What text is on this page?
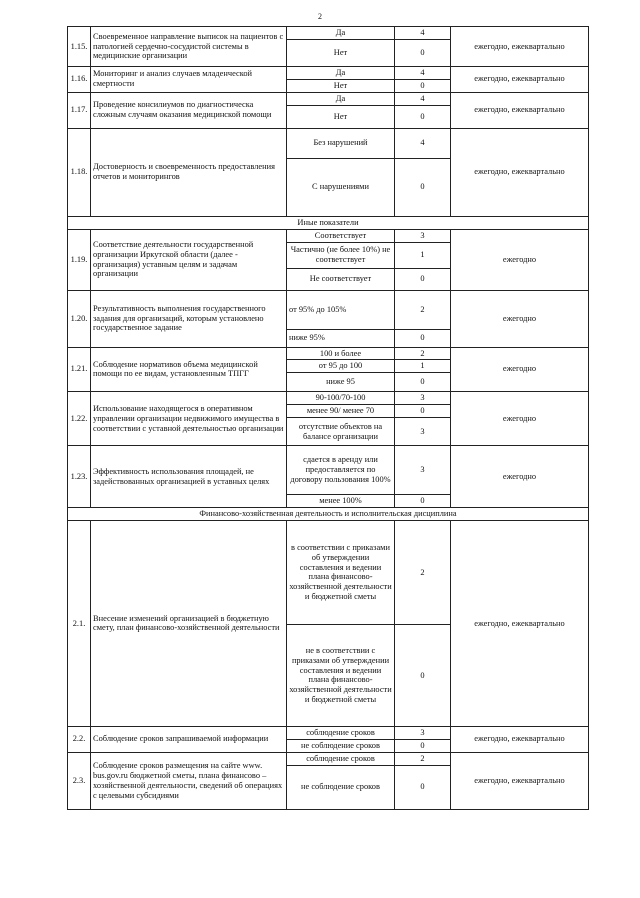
2
1.15.	Своевременное направление выписок на пациентов с патологией сердечно-сосудистой системы в медицинские организации	Да	4	ежегодно, ежеквартально
		Нет	0	
1.16.	Мониторинг и анализ случаев младенческой смертности	Да	4	ежегодно, ежеквартально
		Нет	0	
1.17.	Проведение консилиумов по диагностическа сложным случаям оказания медицинской помощи	Да	4	ежегодно, ежеквартально
		Нет	0	
1.18.	Достоверность и своевременность предоставления отчетов и мониторингов	Без нарушений	4	ежегодно, ежеквартально
		С нарушениями	0	
Иные показатели				
1.19.	Соответствие деятельности государственной организации Иркутской области (далее - организация) уставным целям и задачам организации	Соответствует	3	ежегодно
		Частично (не более 10%) не соответствует	1	
		Не соответствует	0	
1.20.	Результативность выполнения государственного задания для организаций, которым установлено государственное задание	от 95% до 105%	2	ежегодно
		ниже 95%	0	
1.21.	Соблюдение нормативов объема медицинской помощи по ее видам, установленным ТПГГ	100 и более	2	ежегодно
		от 95 до 100	1	
		ниже 95	0	
1.22.	Использование находящегося в оперативном управлении организации недвижимого имущества в соответствии с уставной деятельностью организации	90-100/70-100	3	ежегодно
		менее 90/ менее 70	0	
		отсутствие объектов на балансе организации	3	
1.23.	Эффективность использования площадей, не задействованных организацией в уставных целях	сдается в аренду или предоставляется по договору пользования 100%	3	ежегодно
		менее 100%	0	
Финансово-хозяйственная деятельность и исполнительская дисциплина				
2.1.	Внесение изменений организацией в бюджетную смету, план финансово-хозяйственной деятельности	в соответствии с приказами об утверждении составления и ведении плана финансово-хозяйственной деятельности и бюджетной сметы	2	ежегодно, ежеквартально
		не в соответствии с приказами об утверждении составления и ведении плана финансово-хозяйственной деятельности и бюджетной сметы	0	
2.2.	Соблюдение сроков запрашиваемой информации	соблюдение сроков	3	ежегодно, ежеквартально
		не соблюдение сроков	0	
2.3.	Соблюдение сроков размещения на сайте www. bus.gov.ru бюджетной сметы, плана финансово – хозяйственной деятельности, сведений об операциях с целевыми субсидиями	соблюдение сроков	2	ежегодно, ежеквартально
		не соблюдение сроков	0	
